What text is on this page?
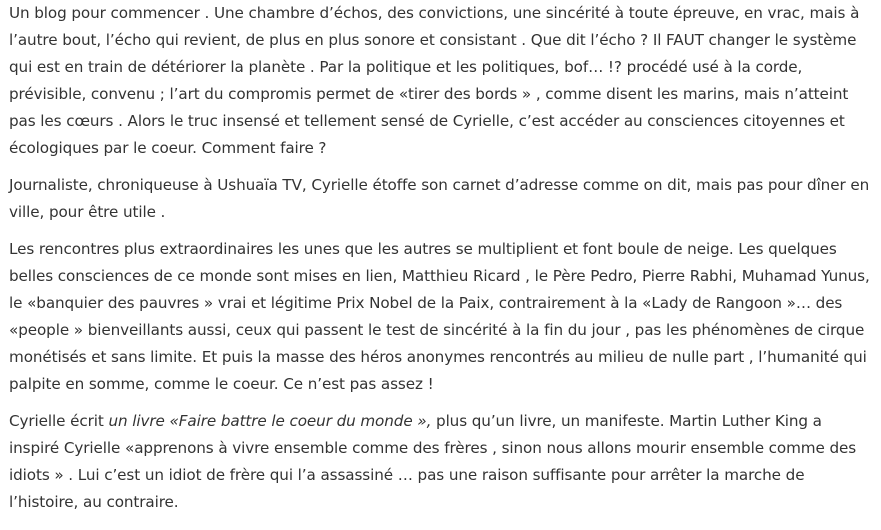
Un blog pour commencer . Une chambre d’échos, des convictions, une sincérité à toute épreuve, en vrac, mais à l’autre bout, l’écho qui revient, de plus en plus sonore et consistant . Que dit l’écho ? Il FAUT changer le système qui est en train de détériorer la planète . Par la politique et les politiques, bof… !? procédé usé à la corde, prévisible, convenu ; l’art du compromis permet de «tirer des bords » , comme disent les marins, mais n’atteint pas les cœurs . Alors le truc insensé et tellement sensé de Cyrielle, c’est accéder au consciences citoyennes et écologiques par le coeur. Comment faire ?

Journaliste, chroniqueuse à Ushuaïa TV, Cyrielle étoffe son carnet d’adresse comme on dit, mais pas pour dîner en ville, pour être utile .

Les rencontres plus extraordinaires les unes que les autres se multiplient et font boule de neige. Les quelques belles consciences de ce monde sont mises en lien, Matthieu Ricard , le Père Pedro, Pierre Rabhi, Muhamad Yunus, le «banquier des pauvres » vrai et légitime Prix Nobel de la Paix, contrairement à la «Lady de Rangoon »… des «people » bienveillants aussi, ceux qui passent le test de sincérité à la fin du jour , pas les phénomènes de cirque monétisés et sans limite. Et puis la masse des héros anonymes rencontrés au milieu de nulle part , l’humanité qui palpite en somme, comme le coeur. Ce n’est pas assez !

Cyrielle écrit un livre «Faire battre le coeur du monde », plus qu’un livre, un manifeste. Martin Luther King a inspiré Cyrielle «apprenons à vivre ensemble comme des frères , sinon nous allons mourir ensemble comme des idiots » . Lui c’est un idiot de frère qui l’a assassiné … pas une raison suffisante pour arrêter la marche de l’histoire, au contraire.
